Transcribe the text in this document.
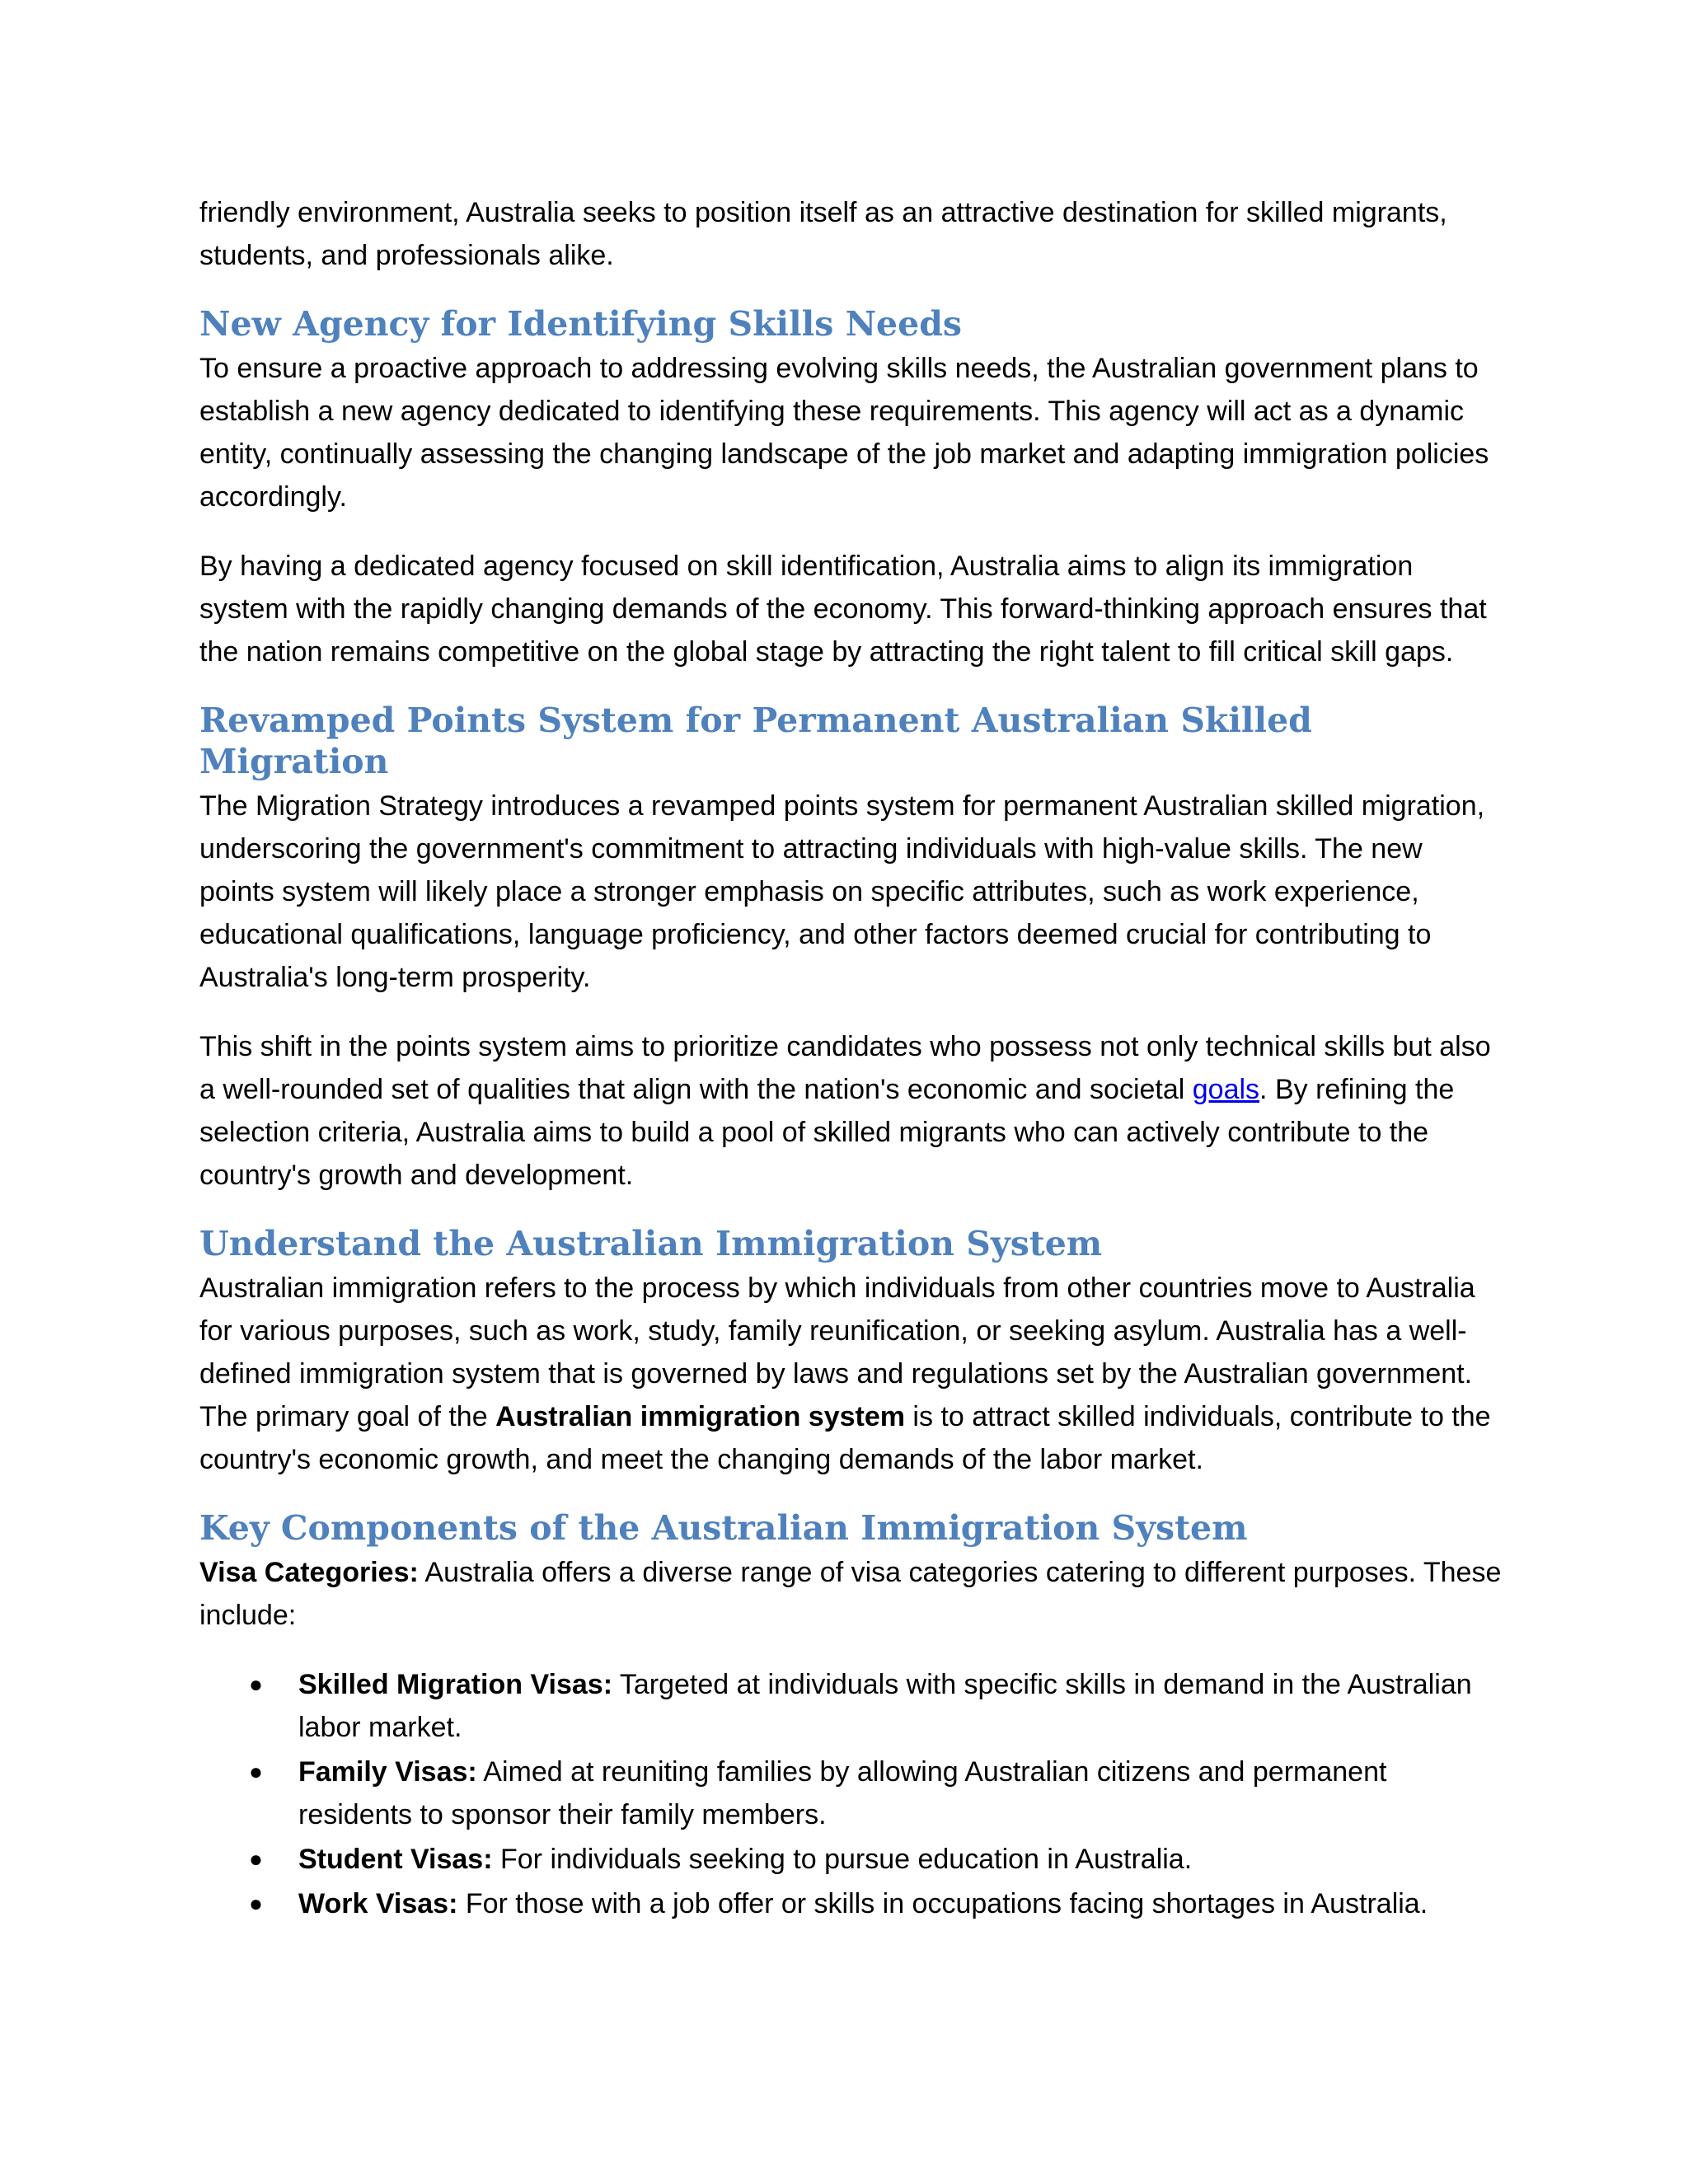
friendly environment, Australia seeks to position itself as an attractive destination for skilled migrants, students, and professionals alike.

New Agency for Identifying Skills Needs

To ensure a proactive approach to addressing evolving skills needs, the Australian government plans to establish a new agency dedicated to identifying these requirements. This agency will act as a dynamic entity, continually assessing the changing landscape of the job market and adapting immigration policies accordingly.

By having a dedicated agency focused on skill identification, Australia aims to align its immigration system with the rapidly changing demands of the economy. This forward-thinking approach ensures that the nation remains competitive on the global stage by attracting the right talent to fill critical skill gaps.

Revamped Points System for Permanent Australian Skilled Migration

The Migration Strategy introduces a revamped points system for permanent Australian skilled migration, underscoring the government's commitment to attracting individuals with high-value skills. The new points system will likely place a stronger emphasis on specific attributes, such as work experience, educational qualifications, language proficiency, and other factors deemed crucial for contributing to Australia's long-term prosperity.

This shift in the points system aims to prioritize candidates who possess not only technical skills but also a well-rounded set of qualities that align with the nation's economic and societal goals. By refining the selection criteria, Australia aims to build a pool of skilled migrants who can actively contribute to the country's growth and development.

Understand the Australian Immigration System

Australian immigration refers to the process by which individuals from other countries move to Australia for various purposes, such as work, study, family reunification, or seeking asylum. Australia has a well-defined immigration system that is governed by laws and regulations set by the Australian government. The primary goal of the Australian immigration system is to attract skilled individuals, contribute to the country's economic growth, and meet the changing demands of the labor market.

Key Components of the Australian Immigration System

Visa Categories: Australia offers a diverse range of visa categories catering to different purposes. These include:

● Skilled Migration Visas: Targeted at individuals with specific skills in demand in the Australian labor market.
● Family Visas: Aimed at reuniting families by allowing Australian citizens and permanent residents to sponsor their family members.
● Student Visas: For individuals seeking to pursue education in Australia.
● Work Visas: For those with a job offer or skills in occupations facing shortages in Australia.
